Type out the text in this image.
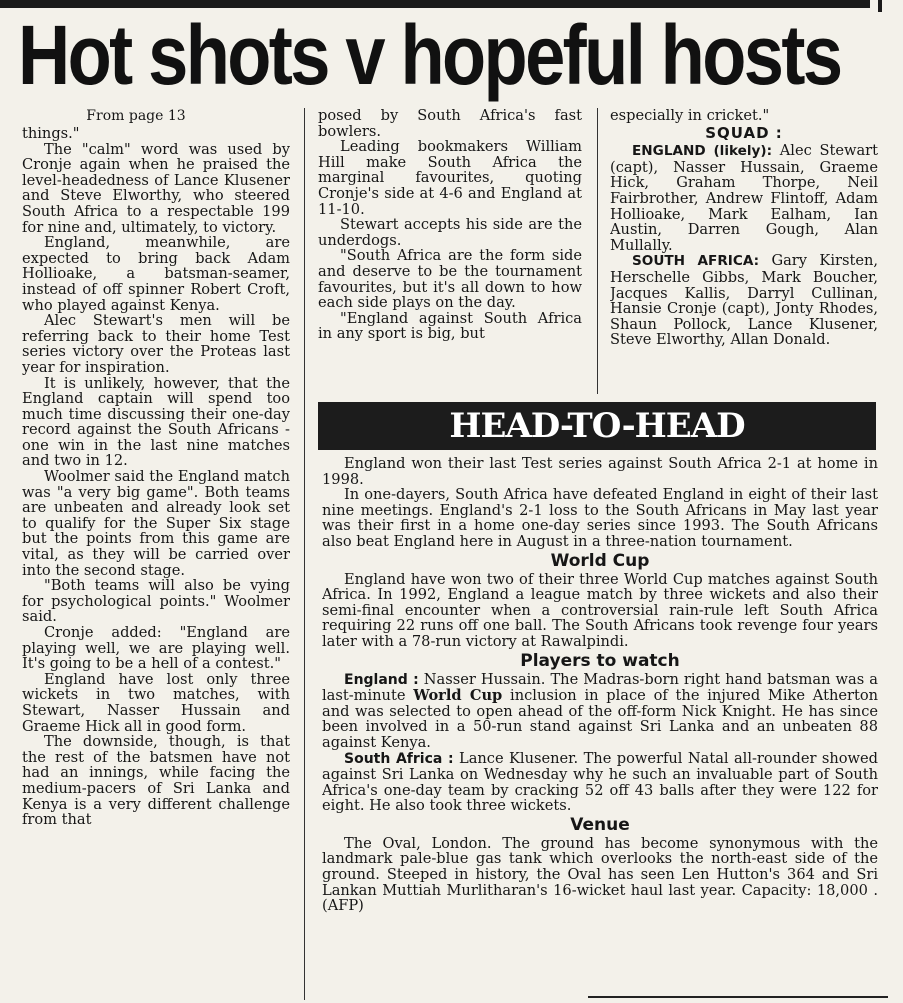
Hot shots v hopeful hosts
From page 13

things."

The "calm" word was used by Cronje again when he praised the level-headedness of Lance Klusener and Steve Elworthy, who steered South Africa to a respectable 199 for nine and, ultimately, to victory.

England, meanwhile, are expected to bring back Adam Hollioake, a batsman-seamer, instead of off spinner Robert Croft, who played against Kenya.

Alec Stewart's men will be referring back to their home Test series victory over the Proteas last year for inspiration.

It is unlikely, however, that the England captain will spend too much time discussing their one-day record against the South Africans - one win in the last nine matches and two in 12.

Woolmer said the England match was "a very big game". Both teams are unbeaten and already look set to qualify for the Super Six stage but the points from this game are vital, as they will be carried over into the second stage.

"Both teams will also be vying for psychological points." Woolmer said.

Cronje added: "England are playing well, we are playing well. It's going to be a hell of a contest."

England have lost only three wickets in two matches, with Stewart, Nasser Hussain and Graeme Hick all in good form.

The downside, though, is that the rest of the batsmen have not had an innings, while facing the medium-pacers of Sri Lanka and Kenya is a very different challenge from that

posed by South Africa's fast bowlers.

Leading bookmakers William Hill make South Africa the marginal favourites, quoting Cronje's side at 4-6 and England at 11-10.

Stewart accepts his side are the underdogs.

"South Africa are the form side and deserve to be the tournament favourites, but it's all down to how each side plays on the day.

"England against South Africa in any sport is big, but

especially in cricket."

SQUAD :

ENGLAND (likely): Alec Stewart (capt), Nasser Hussain, Graeme Hick, Graham Thorpe, Neil Fairbrother, Andrew Flintoff, Adam Hollioake, Mark Ealham, Ian Austin, Darren Gough, Alan Mullally.

SOUTH AFRICA: Gary Kirsten, Herschelle Gibbs, Mark Boucher, Jacques Kallis, Darryl Cullinan, Hansie Cronje (capt), Jonty Rhodes, Shaun Pollock, Lance Klusener, Steve Elworthy, Allan Donald.

HEAD-TO-HEAD

England won their last Test series against South Africa 2-1 at home in 1998.

In one-dayers, South Africa have defeated England in eight of their last nine meetings. England's 2-1 loss to the South Africans in May last year was their first in a home one-day series since 1993. The South Africans also beat England here in August in a three-nation tournament.

World Cup

England have won two of their three World Cup matches against South Africa. In 1992, England a league match by three wickets and also their semi-final encounter when a controversial rain-rule left South Africa requiring 22 runs off one ball. The South Africans took revenge four years later with a 78-run victory at Rawalpindi.

Players to watch

England : Nasser Hussain. The Madras-born right hand batsman was a last-minute World Cup inclusion in place of the injured Mike Atherton and was selected to open ahead of the off-form Nick Knight. He has since been involved in a 50-run stand against Sri Lanka and an unbeaten 88 against Kenya.

South Africa : Lance Klusener. The powerful Natal all-rounder showed against Sri Lanka on Wednesday why he such an invaluable part of South Africa's one-day team by cracking 52 off 43 balls after they were 122 for eight. He also took three wickets.

Venue

The Oval, London. The ground has become synonymous with the landmark pale-blue gas tank which overlooks the north-east side of the ground. Steeped in history, the Oval has seen Len Hutton's 364 and Sri Lankan Muttiah Murlitharan's 16-wicket haul last year. Capacity: 18,000 . (AFP)
